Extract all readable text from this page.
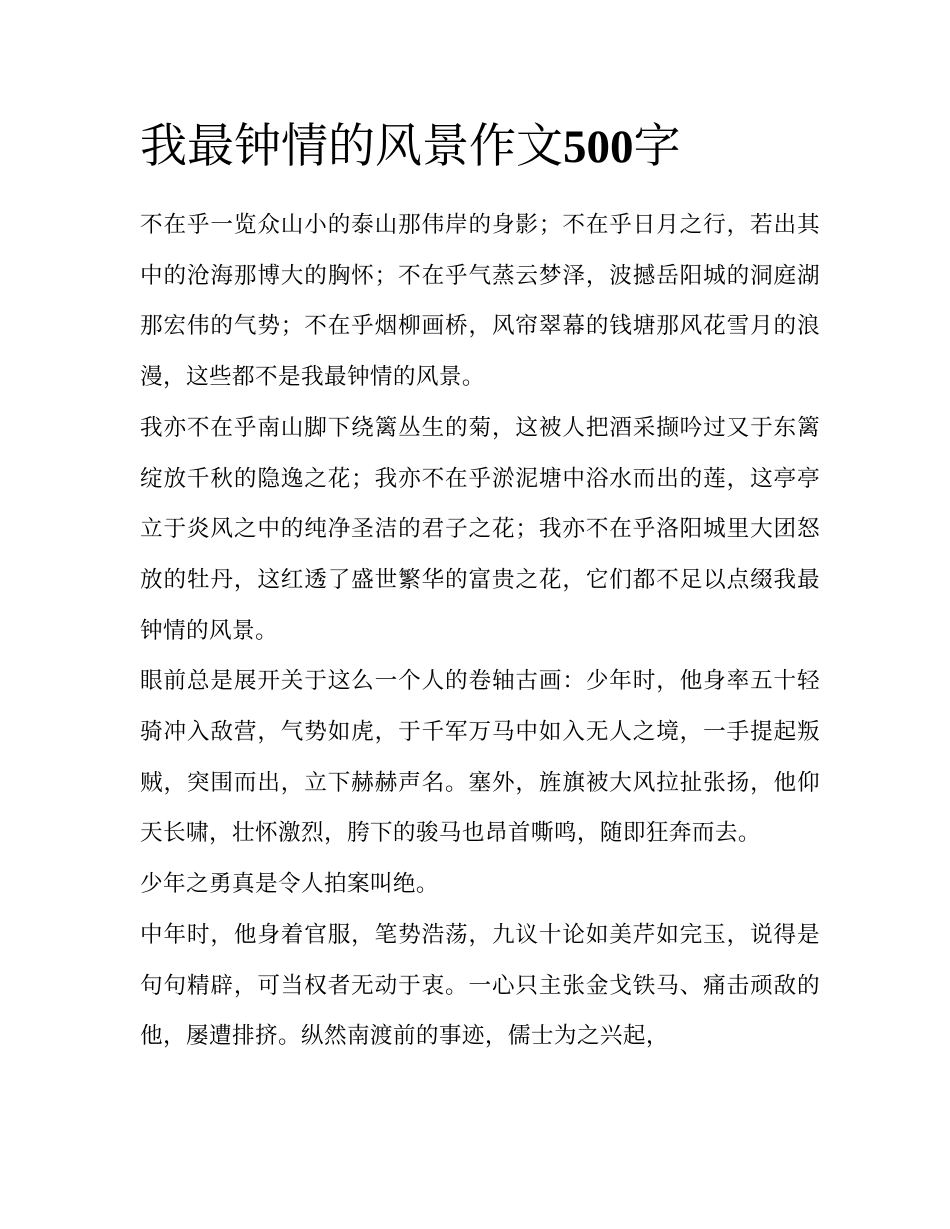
我最钟情的风景作文500字

不在乎一览众山小的泰山那伟岸的身影；不在乎日月之行，若出其中的沧海那博大的胸怀；不在乎气蒸云梦泽，波撼岳阳城的洞庭湖那宏伟的气势；不在乎烟柳画桥，风帘翠幕的钱塘那风花雪月的浪漫，这些都不是我最钟情的风景。

我亦不在乎南山脚下绕篱丛生的菊，这被人把酒采撷吟过又于东篱绽放千秋的隐逸之花；我亦不在乎淤泥塘中浴水而出的莲，这亭亭立于炎风之中的纯净圣洁的君子之花；我亦不在乎洛阳城里大团怒放的牡丹，这红透了盛世繁华的富贵之花，它们都不足以点缀我最钟情的风景。

眼前总是展开关于这么一个人的卷轴古画：少年时，他身率五十轻骑冲入敌营，气势如虎，于千军万马中如入无人之境，一手提起叛贼，突围而出，立下赫赫声名。塞外，旌旗被大风拉扯张扬，他仰天长啸，壮怀激烈，胯下的骏马也昂首嘶鸣，随即狂奔而去。

少年之勇真是令人拍案叫绝。

中年时，他身着官服，笔势浩荡，九议十论如美芹如完玉，说得是句句精辟，可当权者无动于衷。一心只主张金戈铁马、痛击顽敌的他，屡遭排挤。纵然南渡前的事迹，儒士为之兴起，
